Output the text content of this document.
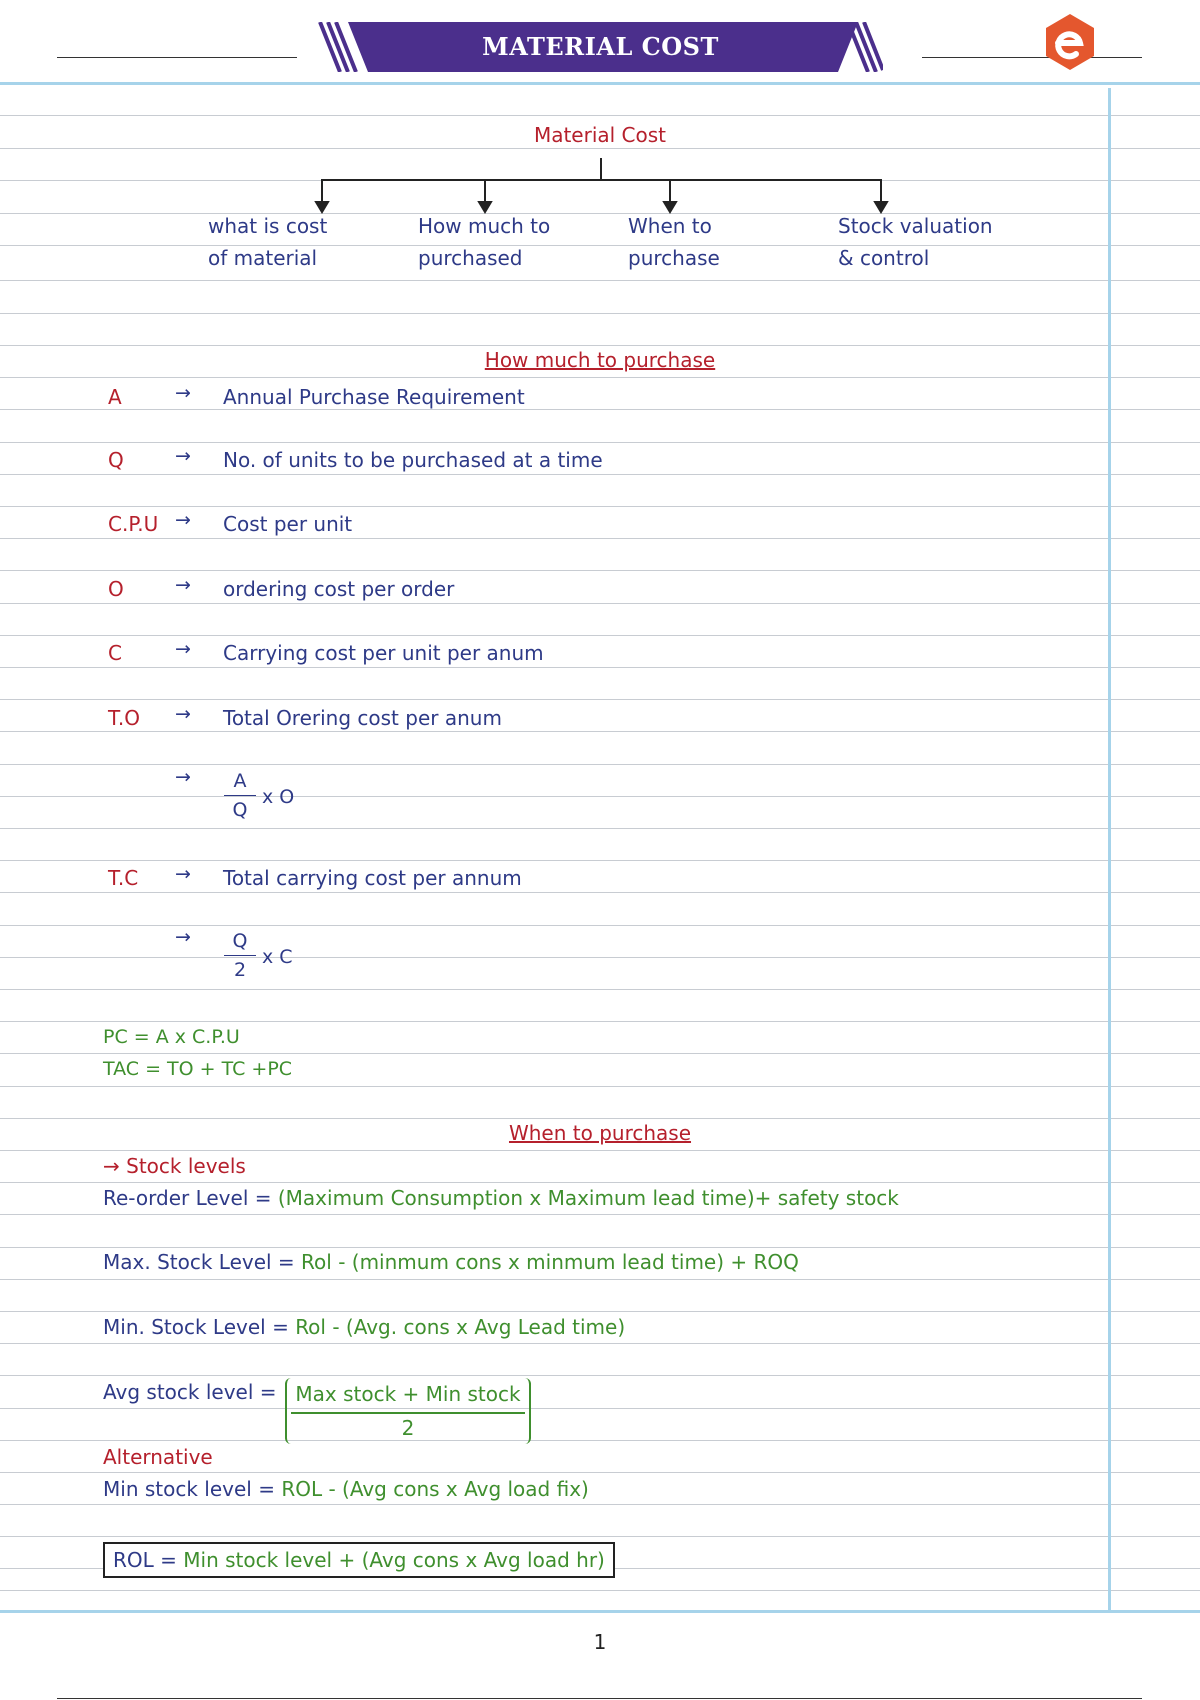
MATERIAL COST
Material Cost
what is cost
of material
How much to
purchased
When to
purchase
Stock valuation
& control
How much to purchase
A	→ Annual Purchase Requirement
Q	→ No. of units to be purchased at a time
C.P.U → Cost per unit
O	→ ordering cost per order
C	→ Carrying cost per unit per anum
T.O → Total Orering cost per anum
→	A
Q
x O
T.C → Total carrying cost per annum
→	Q
2
x C
PC = A x C.P.U
TAC = TO + TC +PC
When to purchase
→ Stock levels
Re-order Level = (Maximum Consumption x Maximum lead time)+ safety stock
Max. Stock Level = Rol - (minmum cons x minmum lead time) + ROQ
Min. Stock Level = Rol - (Avg. cons x Avg Lead time)
Avg stock level = Max stock + Min stock
2
Alternative
Min stock level = ROL - (Avg cons x Avg load fix)
ROL = Min stock level + (Avg cons x Avg load hr)
1
